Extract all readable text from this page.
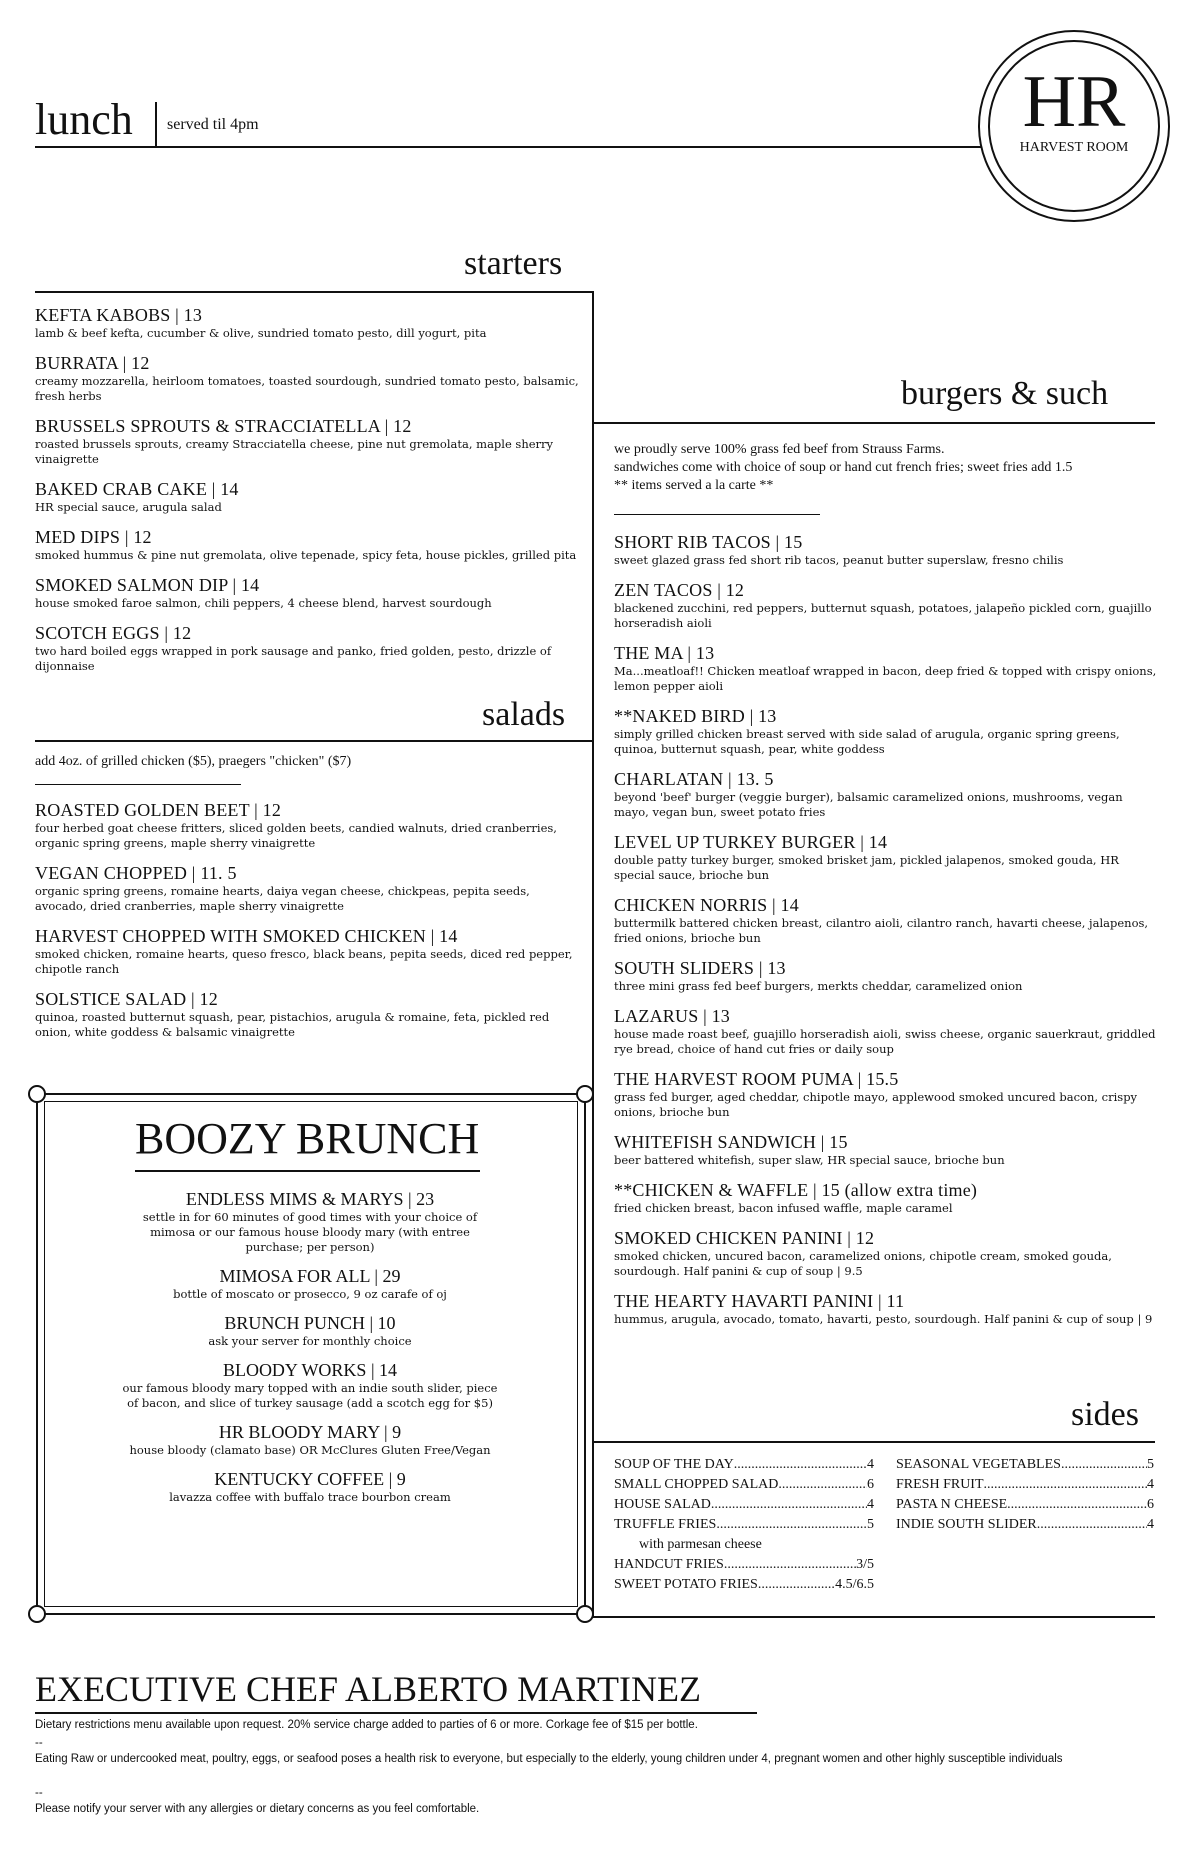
lunch served til 4pm	HR
HARVEST ROOM
starters
KEFTA KABOBS | 13
lamb & beef kefta, cucumber & olive, sundried tomato pesto, dill yogurt, pita
BURRATA | 12
creamy mozzarella, heirloom tomatoes, toasted sourdough, sundried tomato pesto, balsamic, fresh herbs
BRUSSELS SPROUTS & STRACCIATELLA | 12
roasted brussels sprouts, creamy Stracciatella cheese, pine nut gremolata, maple sherry vinaigrette
BAKED CRAB CAKE | 14
HR special sauce, arugula salad
MED DIPS | 12
smoked hummus & pine nut gremolata, olive tepenade, spicy feta, house pickles, grilled pita
SMOKED SALMON DIP | 14
house smoked faroe salmon, chili peppers, 4 cheese blend, harvest sourdough
SCOTCH EGGS | 12
two hard boiled eggs wrapped in pork sausage and panko, fried golden, pesto, drizzle of dijonnaise
salads
add 4oz. of grilled chicken ($5), praegers "chicken" ($7)
ROASTED GOLDEN BEET | 12
four herbed goat cheese fritters, sliced golden beets, candied walnuts, dried cranberries, organic spring greens, maple sherry vinaigrette
VEGAN CHOPPED | 11. 5
organic spring greens, romaine hearts, daiya vegan cheese, chickpeas, pepita seeds, avocado, dried cranberries, maple sherry vinaigrette
HARVEST CHOPPED WITH SMOKED CHICKEN | 14
smoked chicken, romaine hearts, queso fresco, black beans, pepita seeds, diced red pepper, chipotle ranch
SOLSTICE SALAD | 12
quinoa, roasted butternut squash, pear, pistachios, arugula & romaine, feta, pickled red onion, white goddess & balsamic vinaigrette
BOOZY BRUNCH
ENDLESS MIMS & MARYS | 23
settle in for 60 minutes of good times with your choice of mimosa or our famous house bloody mary (with entree purchase; per person)
MIMOSA FOR ALL | 29
bottle of moscato or prosecco, 9 oz carafe of oj
BRUNCH PUNCH | 10
ask your server for monthly choice
BLOODY WORKS | 14
our famous bloody mary topped with an indie south slider, piece of bacon, and slice of turkey sausage (add a scotch egg for $5)
HR BLOODY MARY | 9
house bloody (clamato base) OR McClures Gluten Free/Vegan
KENTUCKY COFFEE | 9
lavazza coffee with buffalo trace bourbon cream
burgers & such
we proudly serve 100% grass fed beef from Strauss Farms.
sandwiches come with choice of soup or hand cut french fries; sweet fries add 1.5
** items served a la carte **
SHORT RIB TACOS | 15
sweet glazed grass fed short rib tacos, peanut butter superslaw, fresno chilis
ZEN TACOS | 12
blackened zucchini, red peppers, butternut squash, potatoes, jalapeño pickled corn, guajillo horseradish aioli
THE MA | 13
Ma...meatloaf!! Chicken meatloaf wrapped in bacon, deep fried & topped with crispy onions, lemon pepper aioli
**NAKED BIRD | 13
simply grilled chicken breast served with side salad of arugula, organic spring greens, quinoa, butternut squash, pear, white goddess
CHARLATAN | 13. 5
beyond 'beef' burger (veggie burger), balsamic caramelized onions, mushrooms, vegan mayo, vegan bun, sweet potato fries
LEVEL UP TURKEY BURGER | 14
double patty turkey burger, smoked brisket jam, pickled jalapenos, smoked gouda, HR special sauce, brioche bun
CHICKEN NORRIS | 14
buttermilk battered chicken breast, cilantro aioli, cilantro ranch, havarti cheese, jalapenos, fried onions, brioche bun
SOUTH SLIDERS | 13
three mini grass fed beef burgers, merkts cheddar, caramelized onion
LAZARUS | 13
house made roast beef, guajillo horseradish aioli, swiss cheese, organic sauerkraut, griddled rye bread, choice of hand cut fries or daily soup
THE HARVEST ROOM PUMA | 15.5
grass fed burger, aged cheddar, chipotle mayo, applewood smoked uncured bacon, crispy onions, brioche bun
WHITEFISH SANDWICH | 15
beer battered whitefish, super slaw, HR special sauce, brioche bun
**CHICKEN & WAFFLE | 15 (allow extra time)
fried chicken breast, bacon infused waffle, maple caramel
SMOKED CHICKEN PANINI | 12
smoked chicken, uncured bacon, caramelized onions, chipotle cream, smoked gouda, sourdough. Half panini & cup of soup | 9.5
THE HEARTY HAVARTI PANINI | 11
hummus, arugula, avocado, tomato, havarti, pesto, sourdough. Half panini & cup of soup | 9
sides
SOUP OF THE DAY .....	4
SMALL CHOPPED SALAD .....	6
HOUSE SALAD .....	4
TRUFFLE FRIES .....	5
with parmesan cheese
HANDCUT FRIES .....	3/5
SWEET POTATO FRIES .....	4.5/6.5
SEASONAL VEGETABLES .....	5
FRESH FRUIT .....	4
PASTA N CHEESE .....	6
INDIE SOUTH SLIDER .....	4
EXECUTIVE CHEF ALBERTO MARTINEZ
Dietary restrictions menu available upon request. 20% service charge added to parties of 6 or more. Corkage fee of $15 per bottle.
--
Eating Raw or undercooked meat, poultry, eggs, or seafood poses a health risk to everyone, but especially to the elderly, young children under 4, pregnant women and other highly susceptible individuals
--
Please notify your server with any allergies or dietary concerns as you feel comfortable.
